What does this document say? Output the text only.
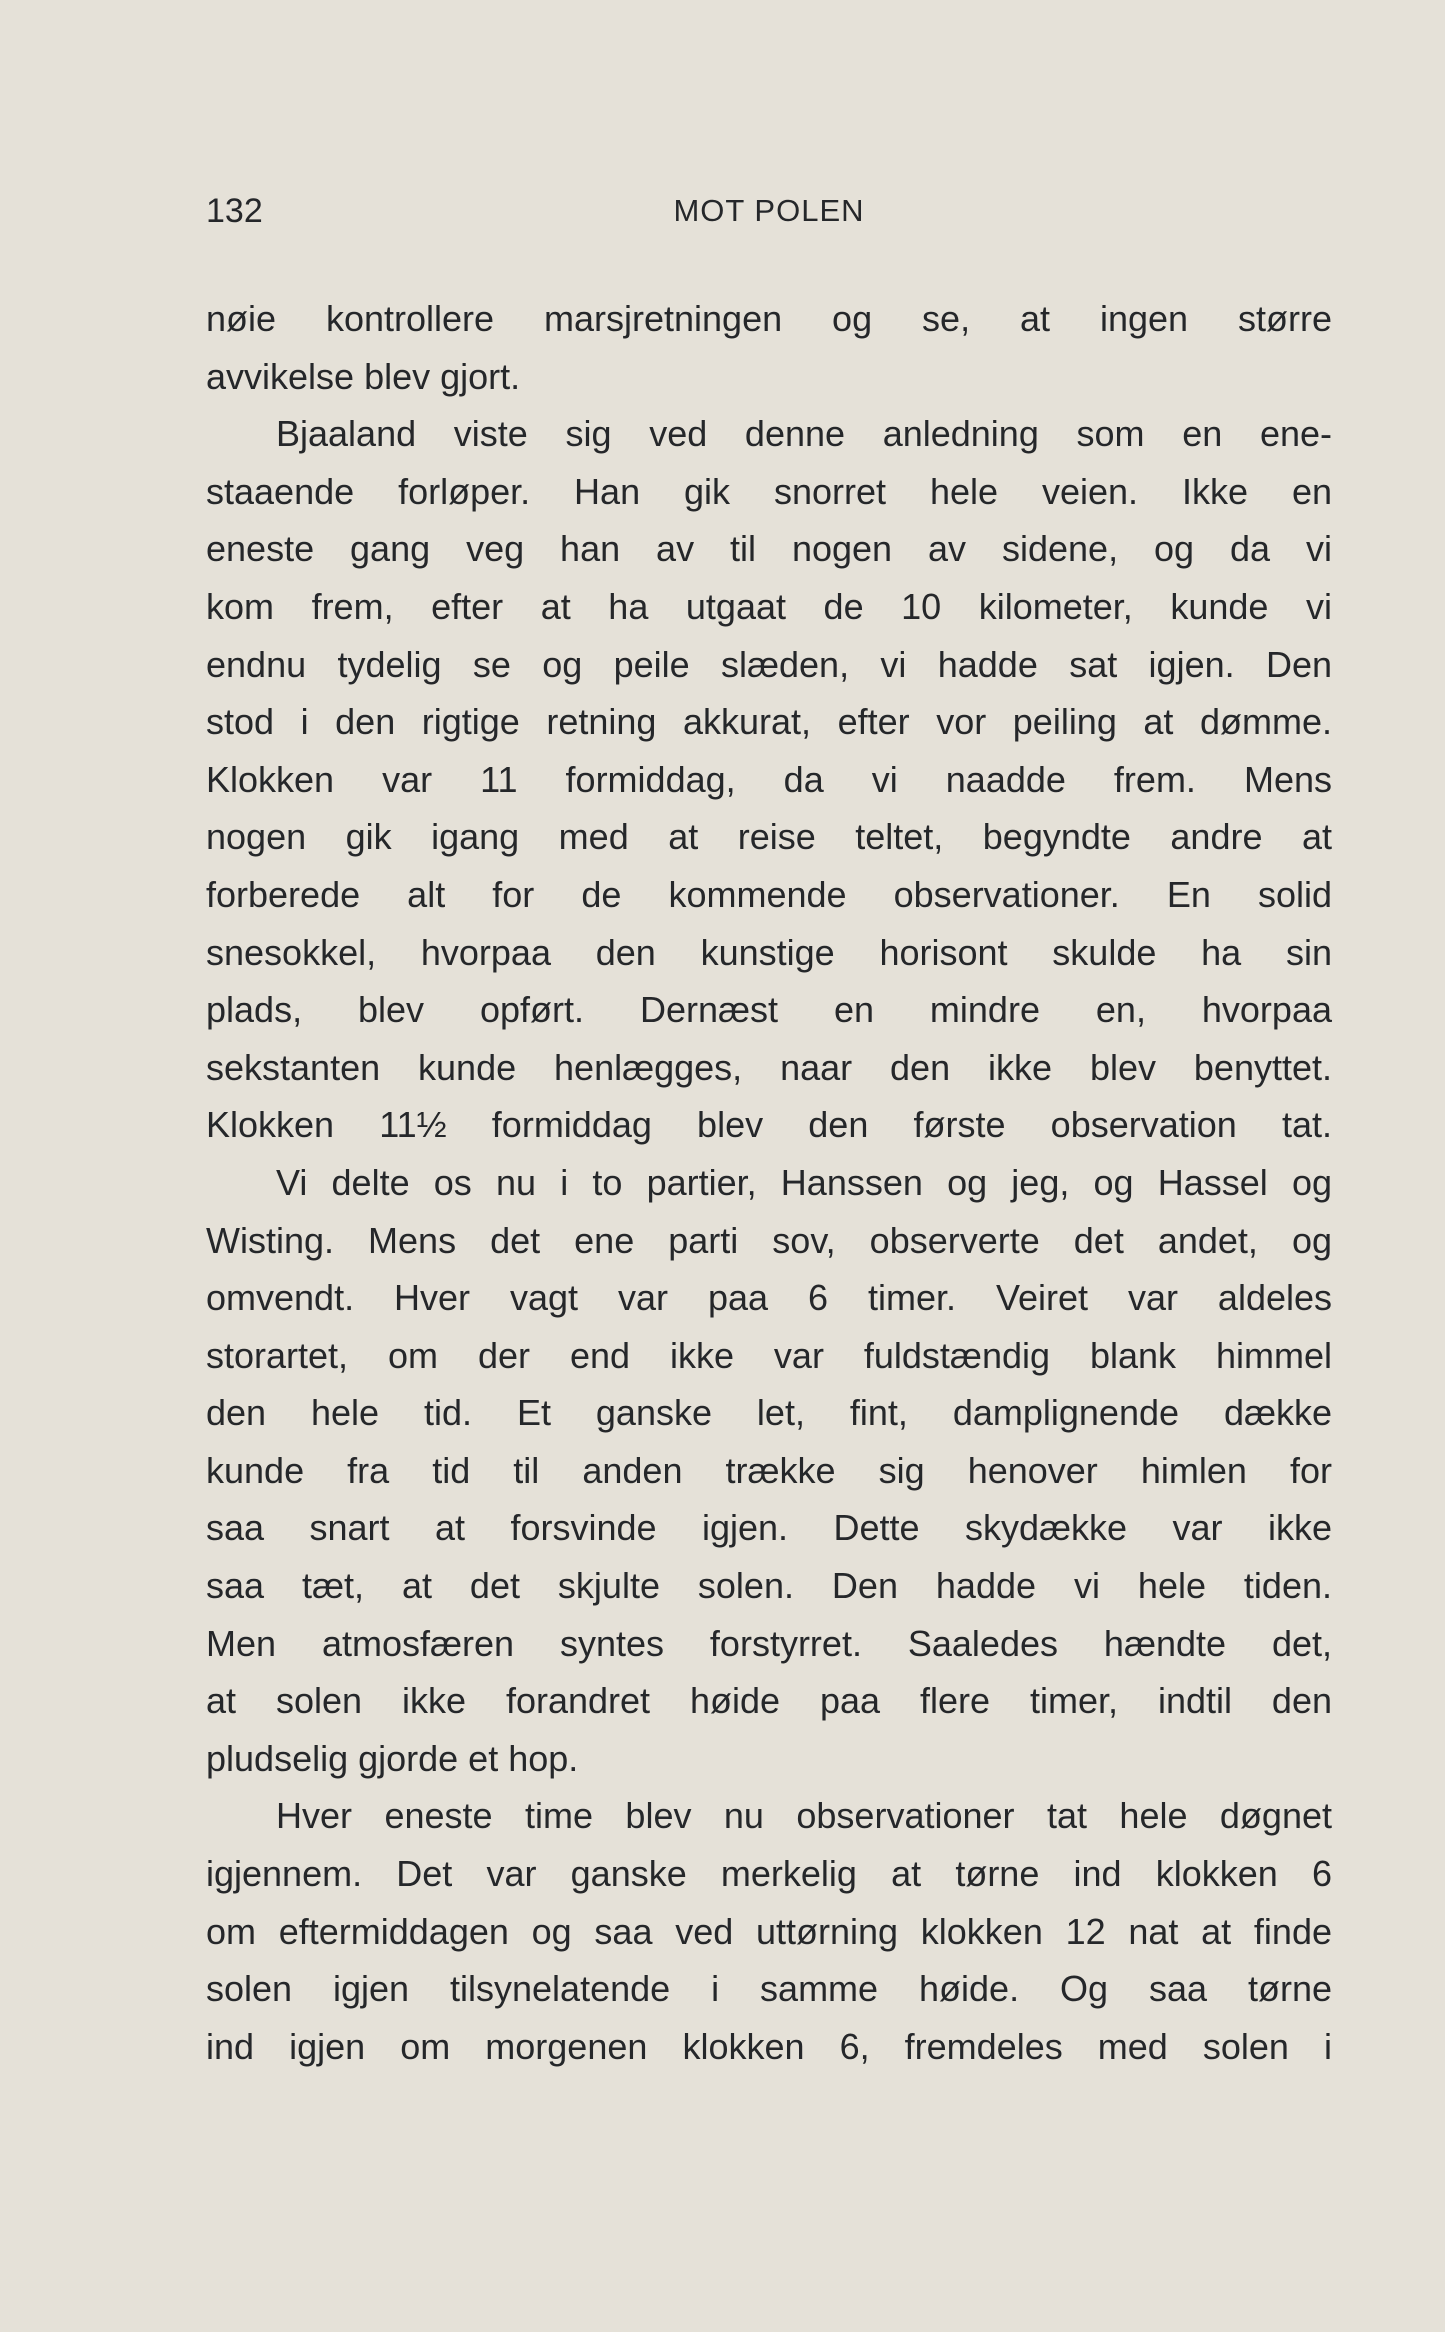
132	MOT POLEN
nøie kontrollere marsjretningen og se, at ingen større
avvikelse blev gjort.
Bjaaland viste sig ved denne anledning som en ene-
staaende forløper. Han gik snorret hele veien. Ikke en
eneste gang veg han av til nogen av sidene, og da vi
kom frem, efter at ha utgaat de 10 kilometer, kunde vi
endnu tydelig se og peile slæden, vi hadde sat igjen. Den
stod i den rigtige retning akkurat, efter vor peiling at dømme.
Klokken var 11 formiddag, da vi naadde frem. Mens
nogen gik igang med at reise teltet, begyndte andre at
forberede alt for de kommende observationer. En solid
snesokkel, hvorpaa den kunstige horisont skulde ha sin
plads, blev opført. Dernæst en mindre en, hvorpaa
sekstanten kunde henlægges, naar den ikke blev benyttet.
Klokken 11½ formiddag blev den første observation tat.
Vi delte os nu i to partier, Hanssen og jeg, og Hassel og
Wisting. Mens det ene parti sov, observerte det andet, og
omvendt. Hver vagt var paa 6 timer. Veiret var aldeles
storartet, om der end ikke var fuldstændig blank himmel
den hele tid. Et ganske let, fint, damplignende dække
kunde fra tid til anden trække sig henover himlen for
saa snart at forsvinde igjen. Dette skydække var ikke
saa tæt, at det skjulte solen. Den hadde vi hele tiden.
Men atmosfæren syntes forstyrret. Saaledes hændte det,
at solen ikke forandret høide paa flere timer, indtil den
pludselig gjorde et hop.
Hver eneste time blev nu observationer tat hele døgnet
igjennem. Det var ganske merkelig at tørne ind klokken 6
om eftermiddagen og saa ved uttørning klokken 12 nat at finde
solen igjen tilsynelatende i samme høide. Og saa tørne
ind igjen om morgenen klokken 6, fremdeles med solen i
